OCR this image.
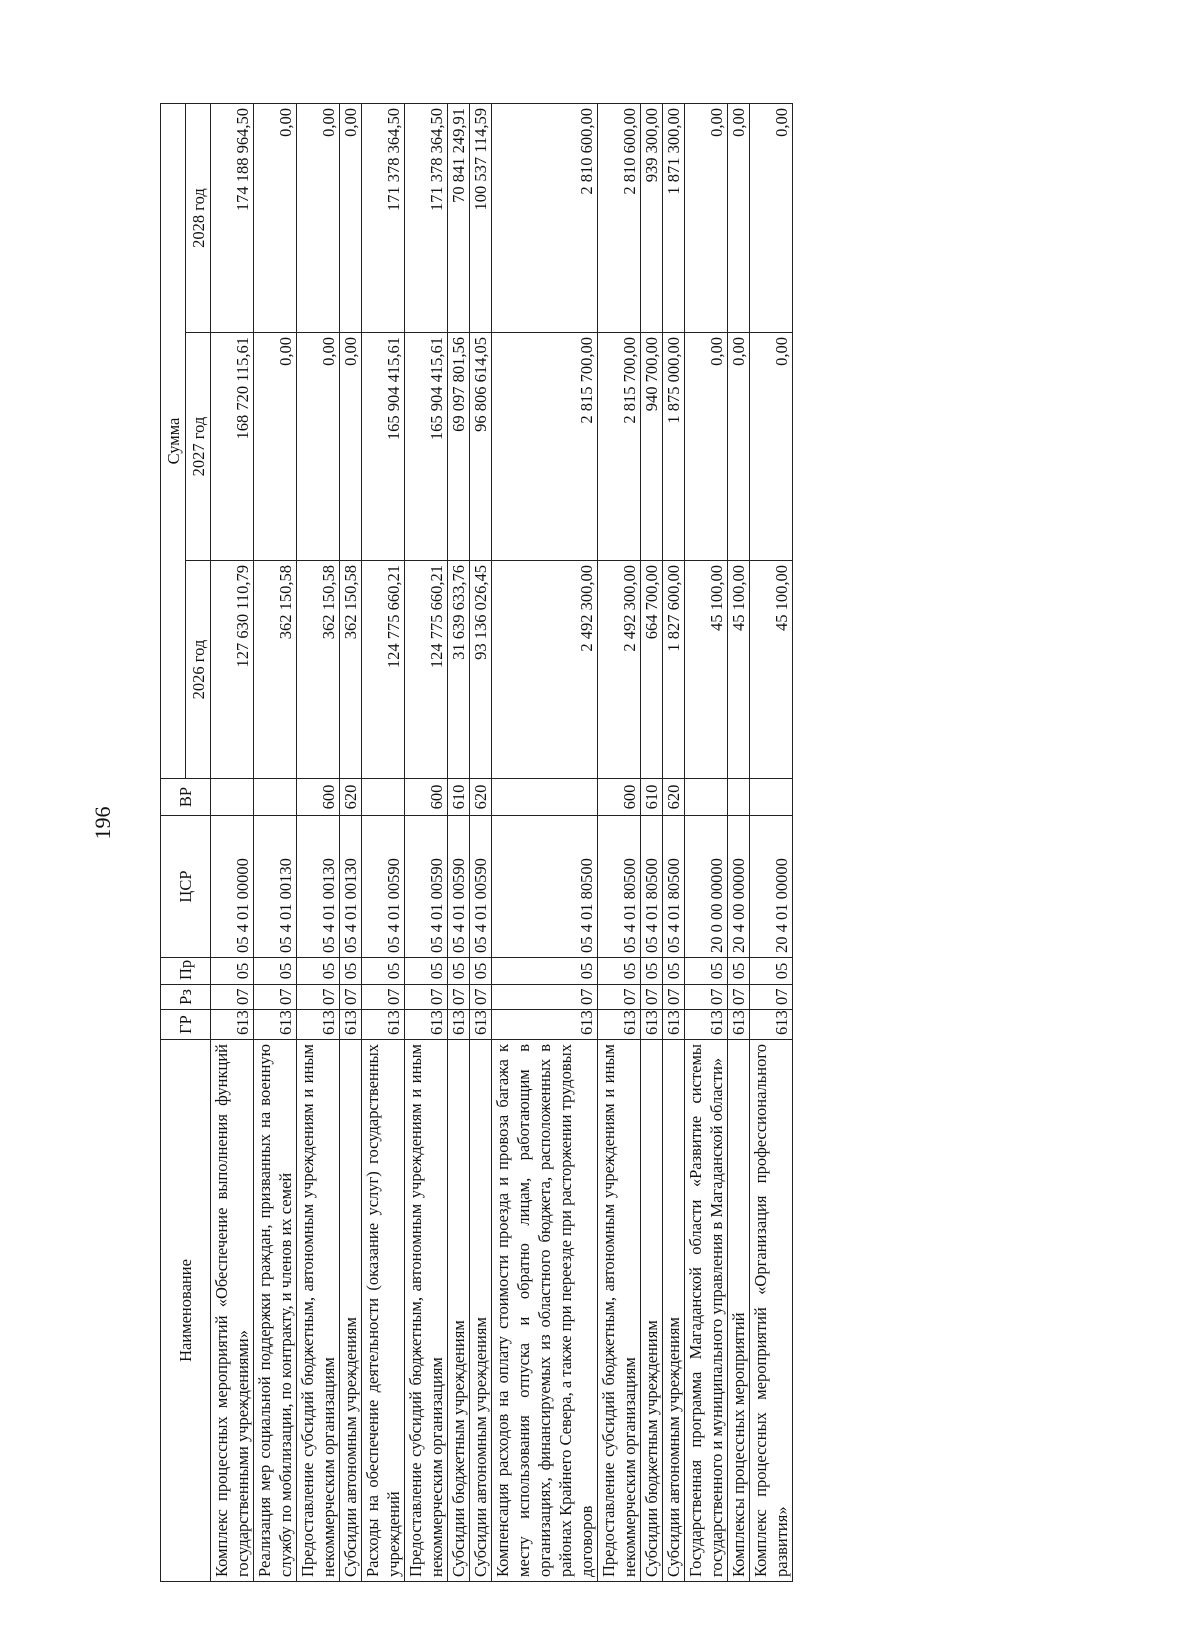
196
Наименование	ГР	Рз	Пр	ЦСР	ВР	Сумма		
						2026 год	2027 год	2028 год
Комплекс процессных мероприятий «Обеспечение выполнения функций государственными учреждениями»	613	07	05	05 4 01 00000		127 630 110,79	168 720 115,61	174 188 964,50
Реализация мер социальной поддержки граждан, призванных на военную службу по мобилизации, по контракту, и членов их семей	613	07	05	05 4 01 00130		362 150,58	0,00	0,00
Предоставление субсидий бюджетным, автономным учреждениям и иным некоммерческим организациям	613	07	05	05 4 01 00130	600	362 150,58	0,00	0,00
Субсидии автономным учреждениям	613	07	05	05 4 01 00130	620	362 150,58	0,00	0,00
Расходы на обеспечение деятельности (оказание услуг) государственных учреждений	613	07	05	05 4 01 00590		124 775 660,21	165 904 415,61	171 378 364,50
Предоставление субсидий бюджетным, автономным учреждениям и иным некоммерческим организациям	613	07	05	05 4 01 00590	600	124 775 660,21	165 904 415,61	171 378 364,50
Субсидии бюджетным учреждениям	613	07	05	05 4 01 00590	610	31 639 633,76	69 097 801,56	70 841 249,91
Субсидии автономным учреждениям	613	07	05	05 4 01 00590	620	93 136 026,45	96 806 614,05	100 537 114,59
Компенсация расходов на оплату стоимости проезда и провоза багажа к месту использования отпуска и обратно лицам, работающим в организациях, финансируемых из областного бюджета, расположенных в районах Крайнего Севера, а также при переезде при расторжении трудовых договоров	613	07	05	05 4 01 80500		2 492 300,00	2 815 700,00	2 810 600,00
Предоставление субсидий бюджетным, автономным учреждениям и иным некоммерческим организациям	613	07	05	05 4 01 80500	600	2 492 300,00	2 815 700,00	2 810 600,00
Субсидии бюджетным учреждениям	613	07	05	05 4 01 80500	610	664 700,00	940 700,00	939 300,00
Субсидии автономным учреждениям	613	07	05	05 4 01 80500	620	1 827 600,00	1 875 000,00	1 871 300,00
Государственная программа Магаданской области «Развитие системы государственного и муниципального управления в Магаданской области»	613	07	05	20 0 00 00000		45 100,00	0,00	0,00
Комплексы процессных мероприятий	613	07	05	20 4 00 00000		45 100,00	0,00	0,00
Комплекс процессных мероприятий «Организация профессионального развития»	613	07	05	20 4 01 00000		45 100,00	0,00	0,00
